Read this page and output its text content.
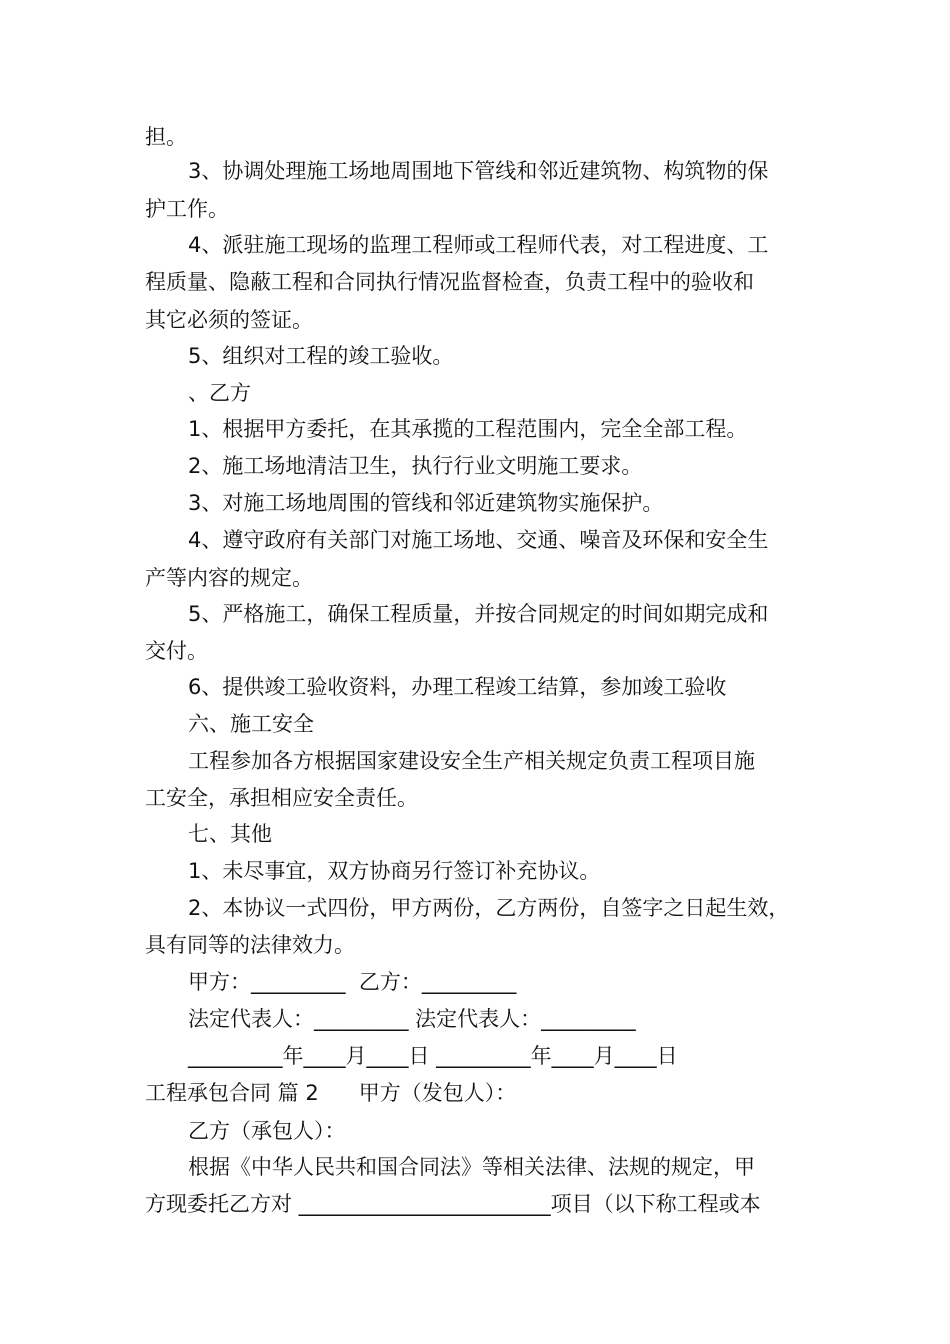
担。
3、协调处理施工场地周围地下管线和邻近建筑物、构筑物的保
护工作。
4、派驻施工现场的监理工程师或工程师代表，对工程进度、工
程质量、隐蔽工程和合同执行情况监督检查，负责工程中的验收和
其它必须的签证。
5、组织对工程的竣工验收。
、乙方
1、根据甲方委托，在其承揽的工程范围内，完全全部工程。
2、施工场地清洁卫生，执行行业文明施工要求。
3、对施工场地周围的管线和邻近建筑物实施保护。
4、遵守政府有关部门对施工场地、交通、噪音及环保和安全生
产等内容的规定。
5、严格施工，确保工程质量，并按合同规定的时间如期完成和
交付。
6、提供竣工验收资料，办理工程竣工结算，参加竣工验收
六、施工安全
工程参加各方根据国家建设安全生产相关规定负责工程项目施
工安全，承担相应安全责任。
七、其他
1、未尽事宜，双方协商另行签订补充协议。
2、本协议一式四份，甲方两份，乙方两份，自签字之日起生效，
具有同等的法律效力。
甲方：_________  乙方：_________
法定代表人：_________ 法定代表人：_________
_________年____月____日 _________年____月____日
工程承包合同 篇 2      甲方（发包人）：
乙方（承包人）：
根据《中华人民共和国合同法》等相关法律、法规的规定，甲
方现委托乙方对 ________________________项目（以下称工程或本
